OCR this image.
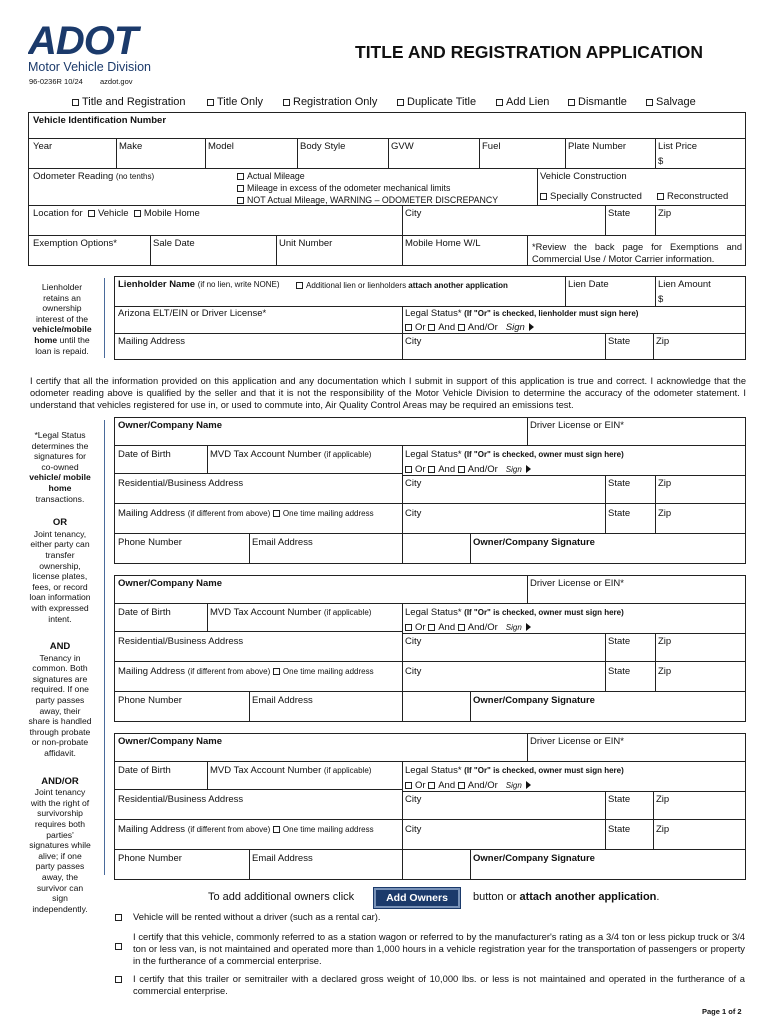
ADOT
Motor Vehicle Division
96-0236R 10/24 azdot.gov
TITLE AND REGISTRATION APPLICATION
Title and Registration	Title Only	Registration Only	Duplicate Title	Add Lien	Dismantle	Salvage
Vehicle Identification Number
Year	Make	Model	Body Style	GVW	Fuel	Plate Number	List Price
$
Odometer Reading (no tenths)	Actual Mileage
Mileage in excess of the odometer mechanical limits
NOT Actual Mileage, WARNING – ODOMETER DISCREPANCY
Vehicle Construction
Specially Constructed	Reconstructed
Location for Vehicle Mobile Home	City	State	Zip
Exemption Options*	Sale Date	Unit Number	Mobile Home W/L	*Review the back page for Exemptions and Commercial Use / Motor Carrier information.
Lienholder retains an ownership interest of the vehicle/mobile home until the loan is repaid.
Lienholder Name (if no lien, write NONE)	Additional lien or lienholders attach another application	Lien Date	Lien Amount
$
Arizona ELT/EIN or Driver License*	Legal Status* (If "Or" is checked, lienholder must sign here)
Or And And/Or Sign
Mailing Address	City	State	Zip
I certify that all the information provided on this application and any documentation which I submit in support of this application is true and correct. I acknowledge that the odometer reading above is qualified by the seller and that it is not the responsibility of the Motor Vehicle Division to determine the accuracy of the odometer statement. I understand that vehicles registered for use in, or used to commute into, Air Quality Control Areas may be required an emissions test.
*Legal Status determines the signatures for co-owned vehicle/ mobile home transactions.
OR
Joint tenancy, either party can transfer ownership, license plates, fees, or record loan information with expressed intent.
AND
Tenancy in common. Both signatures are required. If one party passes away, their share is handled through probate or non-probate affidavit.
AND/OR
Joint tenancy with the right of survivorship requires both parties' signatures while alive; if one party passes away, the survivor can sign independently.
Owner/Company Name	Driver License or EIN*
Date of Birth	MVD Tax Account Number (if applicable)	Legal Status* (If "Or" is checked, owner must sign here)
Or And And/Or Sign
Residential/Business Address	City	State	Zip
Mailing Address (if different from above) One time mailing address	City	State	Zip
Phone Number	Email Address	Owner/Company Signature
Owner/Company Name	Driver License or EIN*
Date of Birth	MVD Tax Account Number (if applicable)	Legal Status* (If "Or" is checked, owner must sign here)
Or And And/Or Sign
Residential/Business Address	City	State	Zip
Mailing Address (if different from above) One time mailing address	City	State	Zip
Phone Number	Email Address	Owner/Company Signature
Owner/Company Name	Driver License or EIN*
Date of Birth	MVD Tax Account Number (if applicable)	Legal Status* (If "Or" is checked, owner must sign here)
Or And And/Or Sign
Residential/Business Address	City	State	Zip
Mailing Address (if different from above) One time mailing address	City	State	Zip
Phone Number	Email Address	Owner/Company Signature
To add additional owners click	Add Owners	button or attach another application.
Vehicle will be rented without a driver (such as a rental car).
I certify that this vehicle, commonly referred to as a station wagon or referred to by the manufacturer's rating as a 3/4 ton or less pickup truck or 3/4 ton or less van, is not maintained and operated more than 1,000 hours in a vehicle registration year for the transportation of passengers or property in the furtherance of a commercial enterprise.
I certify that this trailer or semitrailer with a declared gross weight of 10,000 lbs. or less is not maintained and operated in the furtherance of a commercial enterprise.
Page 1 of 2
